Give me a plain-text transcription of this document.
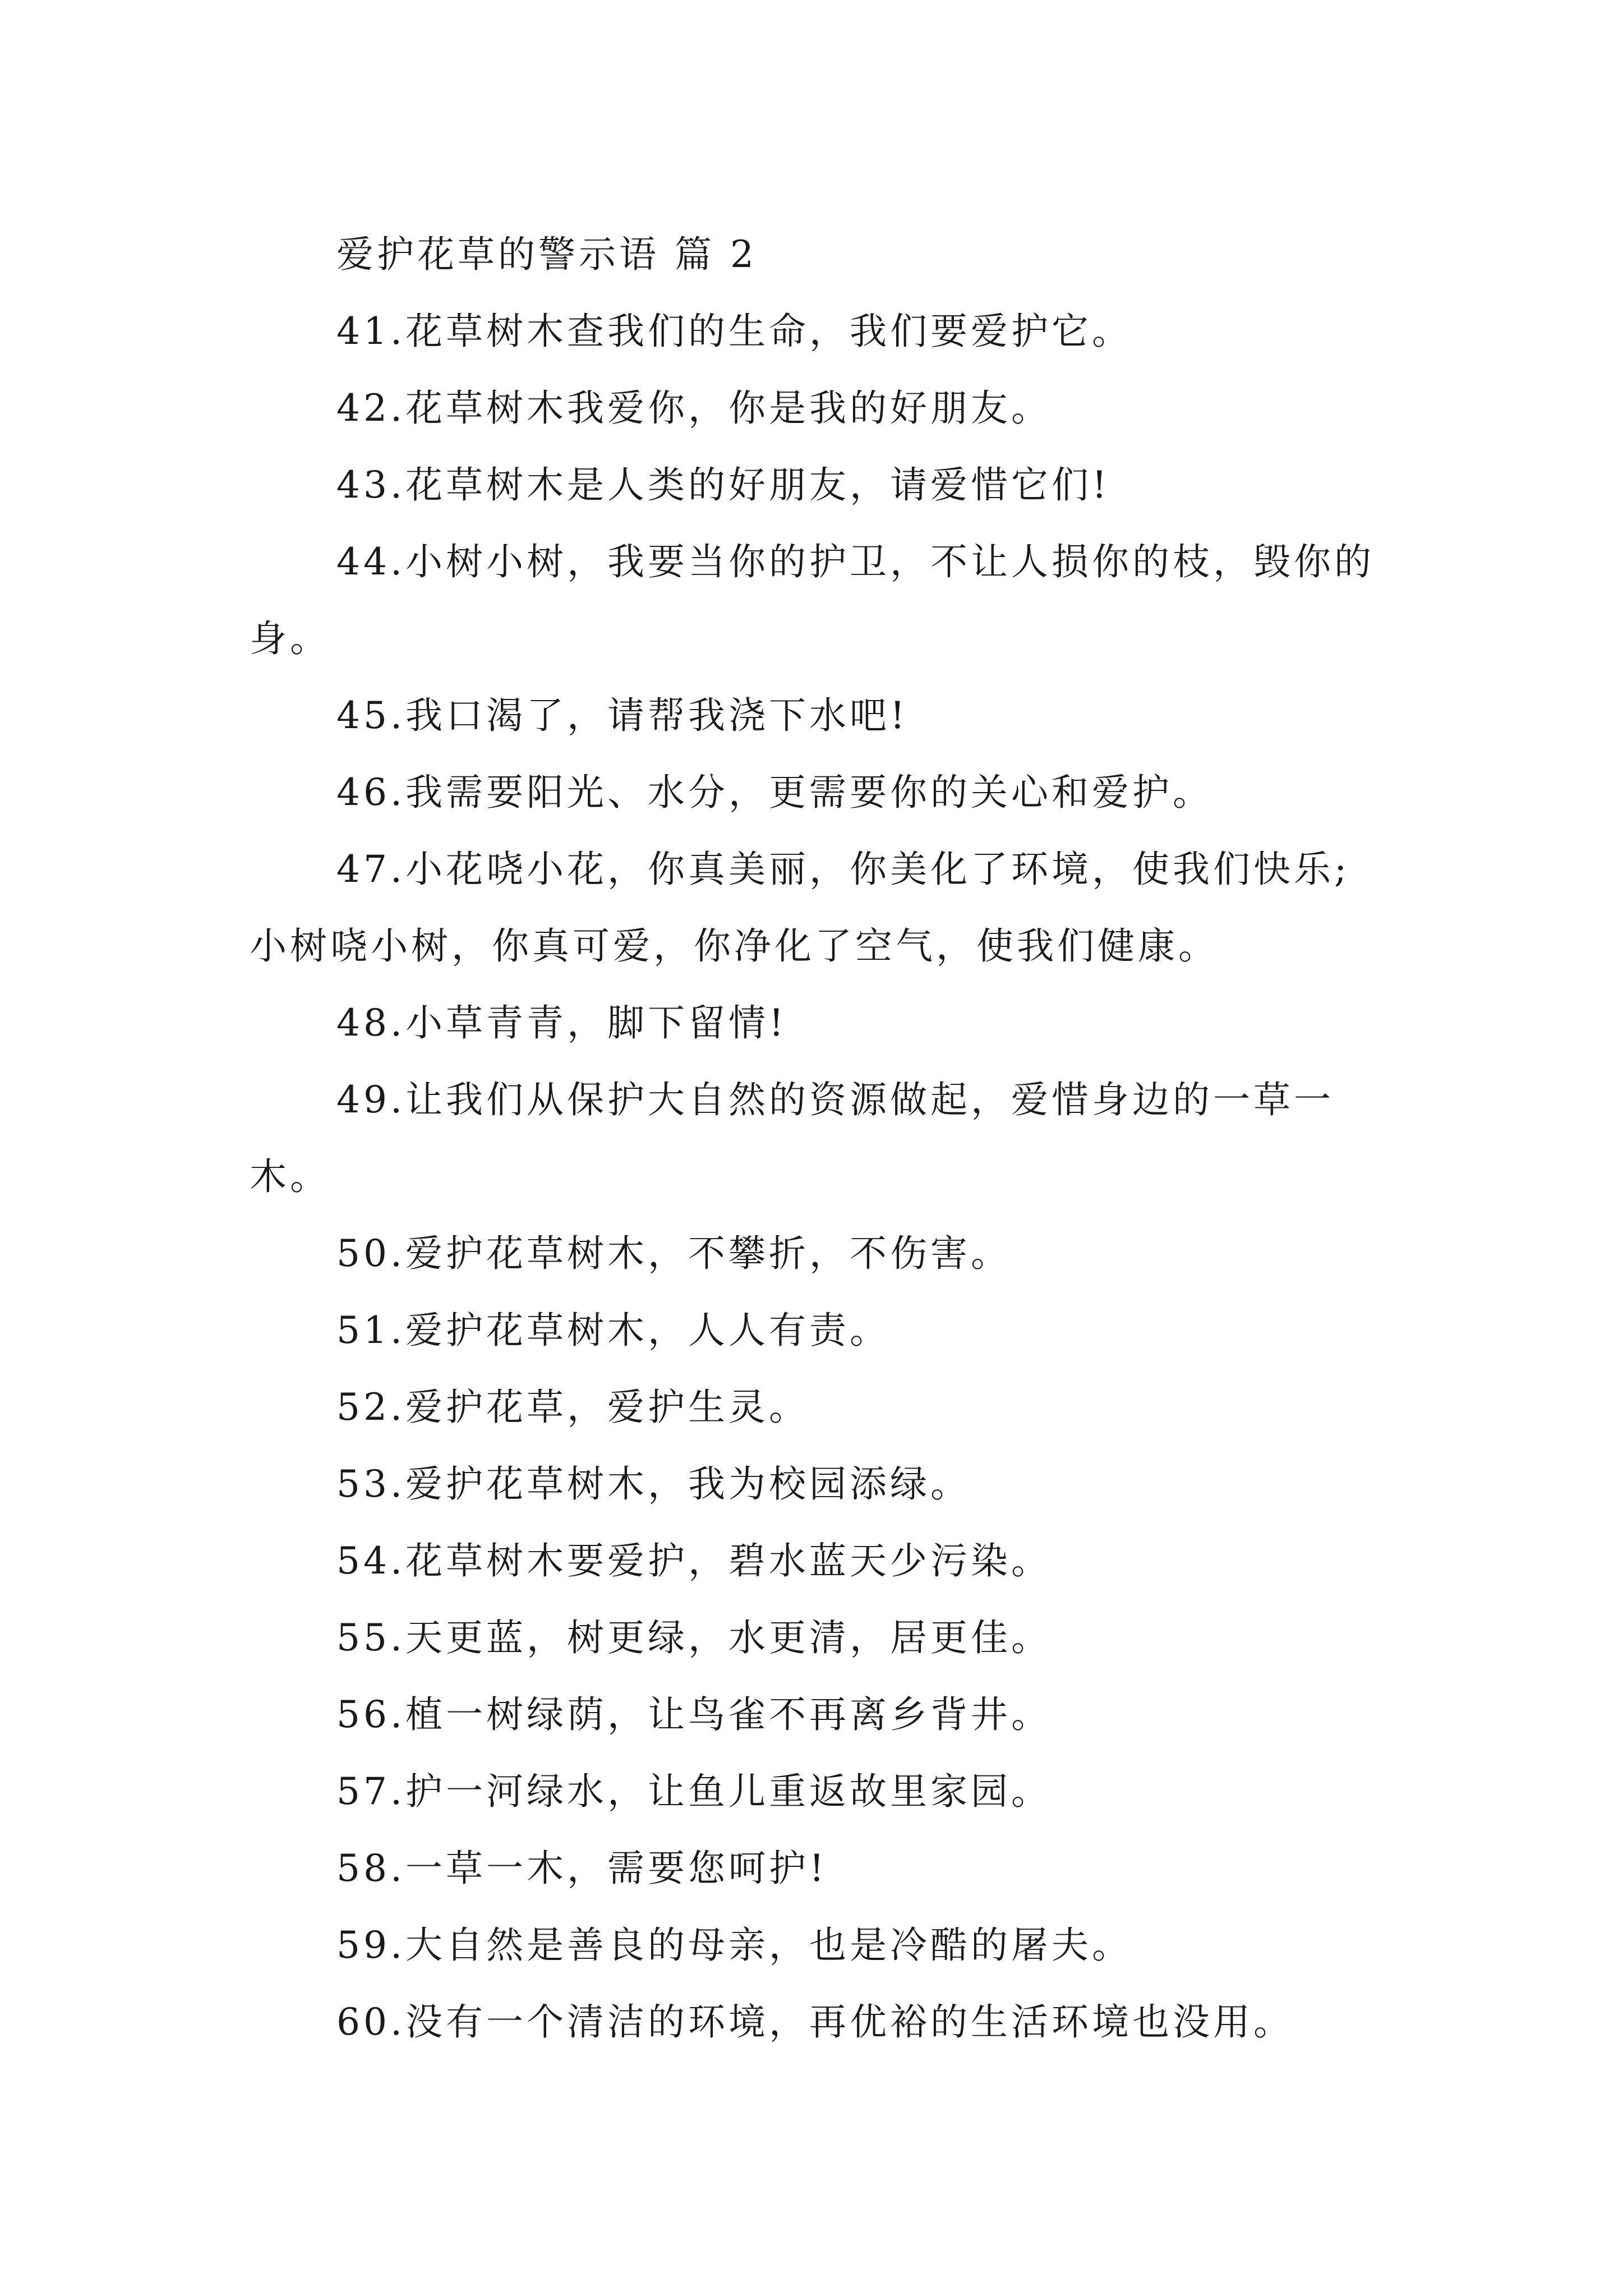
爱护花草的警示语 篇 2

41.花草树木查我们的生命，我们要爱护它。

42.花草树木我爱你，你是我的好朋友。

43.花草树木是人类的好朋友，请爱惜它们!

44.小树小树，我要当你的护卫，不让人损你的枝，毁你的身。

45.我口渴了，请帮我浇下水吧!

46.我需要阳光、水分，更需要你的关心和爱护。

47.小花哓小花，你真美丽，你美化了环境，使我们快乐;小树哓小树，你真可爱，你净化了空气，使我们健康。

48.小草青青，脚下留情!

49.让我们从保护大自然的资源做起，爱惜身边的一草一木。

50.爱护花草树木，不攀折，不伤害。

51.爱护花草树木，人人有责。

52.爱护花草，爱护生灵。

53.爱护花草树木，我为校园添绿。

54.花草树木要爱护，碧水蓝天少污染。

55.天更蓝，树更绿，水更清，居更佳。

56.植一树绿荫，让鸟雀不再离乡背井。

57.护一河绿水，让鱼儿重返故里家园。

58.一草一木，需要您呵护!

59.大自然是善良的母亲，也是冷酷的屠夫。

60.没有一个清洁的环境，再优裕的生活环境也没用。
